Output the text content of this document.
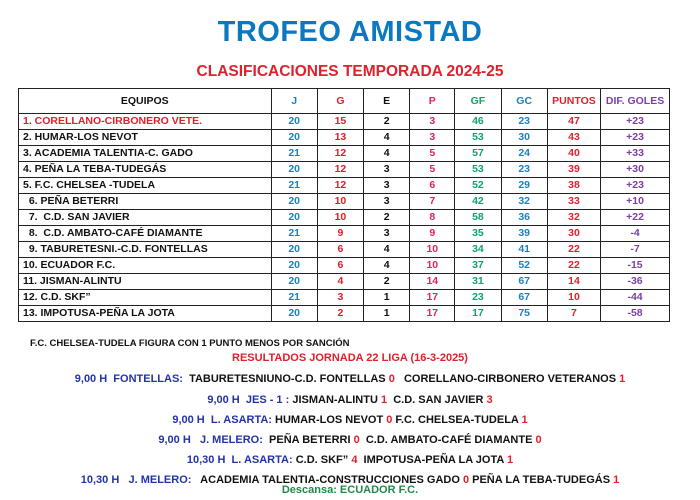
TROFEO AMISTAD
CLASIFICACIONES TEMPORADA 2024-25
EQUIPOS	J	G	E	P	GF	GC	PUNTOS	DIF. GOLES
1. CORELLANO-CIRBONERO VETE.	20	15	2	3	46	23	47	+23
2. HUMAR-LOS NEVOT	20	13	4	3	53	30	43	+23
3. ACADEMIA TALENTIA-C. GADO	21	12	4	5	57	24	40	+33
4. PEÑA LA TEBA-TUDEGÁS	20	12	3	5	53	23	39	+30
5. F.C. CHELSEA -TUDELA	21	12	3	6	52	29	38	+23
6. PEÑA BETERRI	20	10	3	7	42	32	33	+10
7.  C.D. SAN JAVIER	20	10	2	8	58	36	32	+22
8.  C.D. AMBATO-CAFÉ DIAMANTE	21	9	3	9	35	39	30	-4
9. TABURETESNI.-C.D. FONTELLAS	20	6	4	10	34	41	22	-7
10. ECUADOR F.C.	20	6	4	10	37	52	22	-15
11. JISMAN-ALINTU	20	4	2	14	31	67	14	-36
12. C.D. SKF”	21	3	1	17	23	67	10	-44
13. IMPOTUSA-PEÑA LA JOTA	20	2	1	17	17	75	7	-58
F.C. CHELSEA-TUDELA FIGURA CON 1 PUNTO MENOS POR SANCIÓN
RESULTADOS JORNADA 22 LIGA (16-3-2025)
9,00 H  FONTELLAS:  TABURETESNIUNO-C.D. FONTELLAS 0   CORELLANO-CIRBONERO VETERANOS 1
9,00 H  JES - 1 : JISMAN-ALINTU 1  C.D. SAN JAVIER 3
9,00 H  L. ASARTA: HUMAR-LOS NEVOT 0 F.C. CHELSEA-TUDELA 1
9,00 H   J. MELERO:  PEÑA BETERRI 0  C.D. AMBATO-CAFÉ DIAMANTE 0
10,30 H  L. ASARTA: C.D. SKF” 4  IMPOTUSA-PEÑA LA JOTA 1
10,30 H   J. MELERO:   ACADEMIA TALENTIA-CONSTRUCCIONES GADO 0 PEÑA LA TEBA-TUDEGÁS 1
Descansa: ECUADOR F.C.
